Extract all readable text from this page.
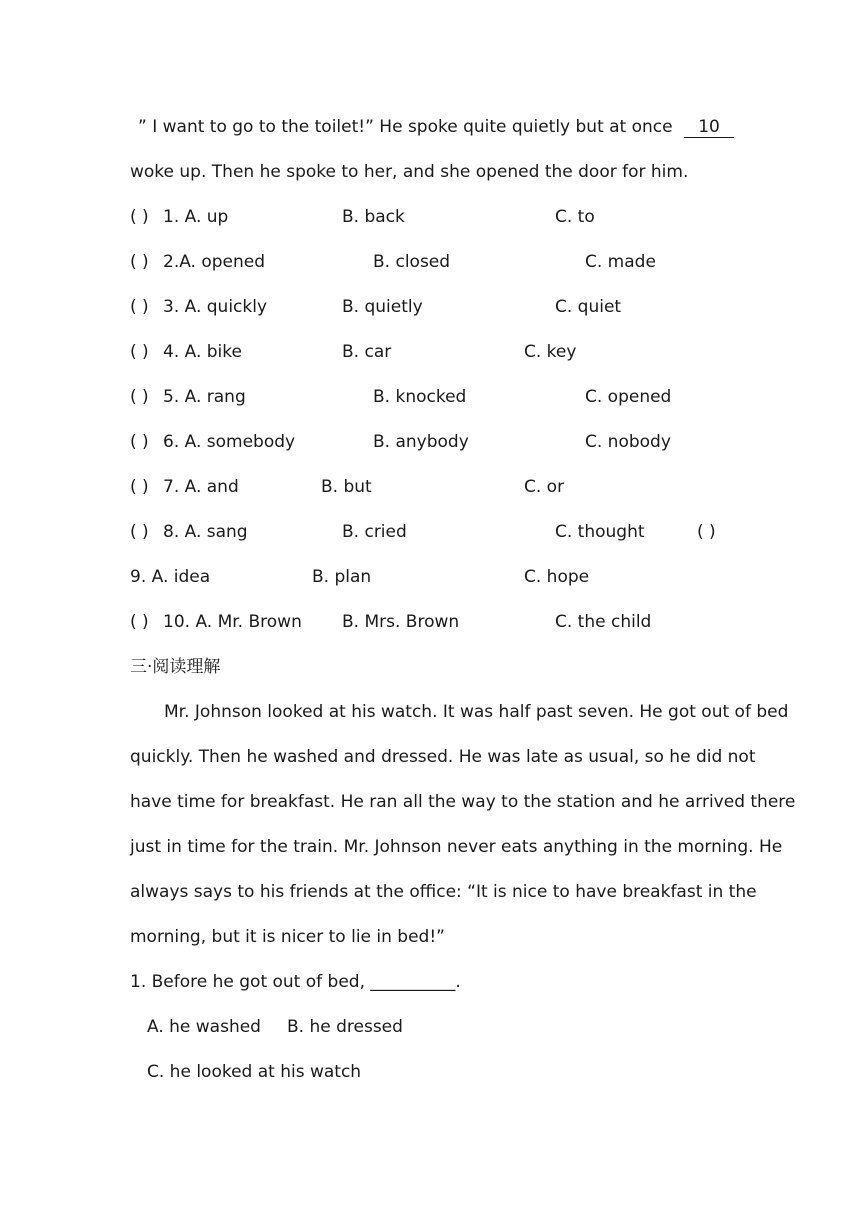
” I want to go to the toilet!” He spoke quite quietly but at once 10
woke up. Then he spoke to her, and she opened the door for him.
( ) 1. A. up	B. back	C. to
( ) 2.A. opened	B. closed	C. made
( ) 3. A. quickly	B. quietly	C. quiet
( ) 4. A. bike	B. car	C. key
( ) 5. A. rang	B. knocked	C. opened
( ) 6. A. somebody	B. anybody	C. nobody
( ) 7. A. and	B. but	C. or
( ) 8. A. sang	B. cried	C. thought	( )
9. A. idea	B. plan	C. hope
( ) 10. A. Mr. Brown B. Mrs. Brown	C. the child
三·阅读理解
Mr. Johnson looked at his watch. It was half past seven. He got out of bed
quickly. Then he washed and dressed. He was late as usual, so he did not
have time for breakfast. He ran all the way to the station and he arrived there
just in time for the train. Mr. Johnson never eats anything in the morning. He
always says to his friends at the office: “It is nice to have breakfast in the
morning, but it is nicer to lie in bed!”
1. Before he got out of bed, __________.
A. he washed B. he dressed
C. he looked at his watch
